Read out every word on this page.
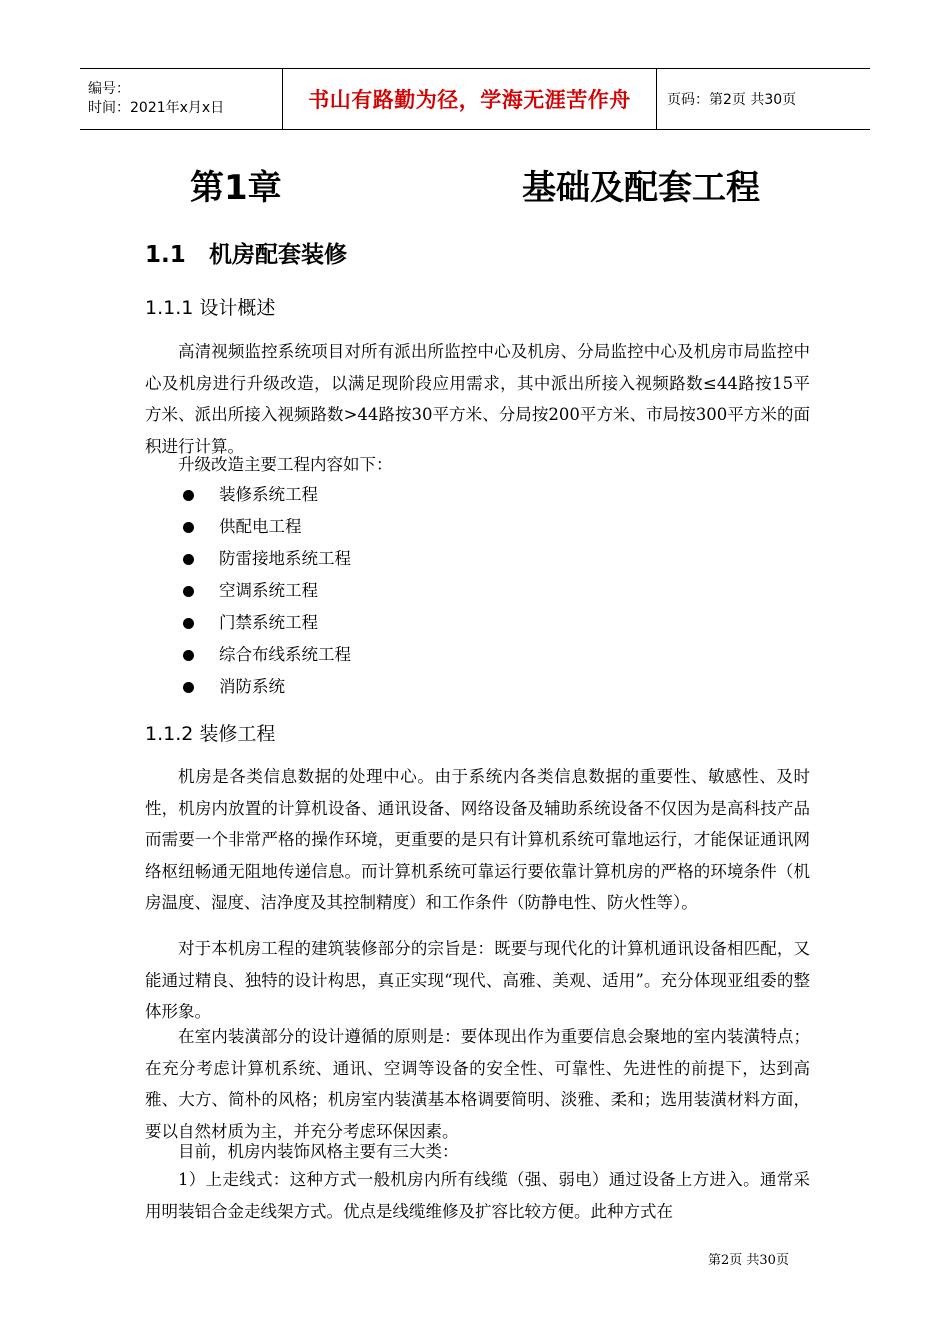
编号：
时间：2021年x月x日	书山有路勤为径，学海无涯苦作舟	页码：第2页 共30页
第1章	基础及配套工程
1.1 机房配套装修
1.1.1 设计概述

高清视频监控系统项目对所有派出所监控中心及机房、分局监控中心及机房市局监控中心及机房进行升级改造，以满足现阶段应用需求，其中派出所接入视频路数≤44路按15平方米、派出所接入视频路数>44路按30平方米、分局按200平方米、市局按300平方米的面积进行计算。

升级改造主要工程内容如下：

装修系统工程
供配电工程
防雷接地系统工程
空调系统工程
门禁系统工程
综合布线系统工程
消防系统
1.1.2 装修工程

机房是各类信息数据的处理中心。由于系统内各类信息数据的重要性、敏感性、及时性，机房内放置的计算机设备、通讯设备、网络设备及辅助系统设备不仅因为是高科技产品而需要一个非常严格的操作环境，更重要的是只有计算机系统可靠地运行，才能保证通讯网络枢纽畅通无阻地传递信息。而计算机系统可靠运行要依靠计算机房的严格的环境条件（机房温度、湿度、洁净度及其控制精度）和工作条件（防静电性、防火性等）。

对于本机房工程的建筑装修部分的宗旨是：既要与现代化的计算机通讯设备相匹配，又能通过精良、独特的设计构思，真正实现“现代、高雅、美观、适用”。充分体现亚组委的整体形象。

在室内装潢部分的设计遵循的原则是：要体现出作为重要信息会聚地的室内装潢特点；在充分考虑计算机系统、通讯、空调等设备的安全性、可靠性、先进性的前提下，达到高雅、大方、简朴的风格；机房室内装潢基本格调要简明、淡雅、柔和；选用装潢材料方面，要以自然材质为主，并充分考虑环保因素。

目前，机房内装饰风格主要有三大类：

1）上走线式：这种方式一般机房内所有线缆（强、弱电）通过设备上方进入。通常采用明装铝合金走线架方式。优点是线缆维修及扩容比较方便。此种方式在

第2页 共30页
